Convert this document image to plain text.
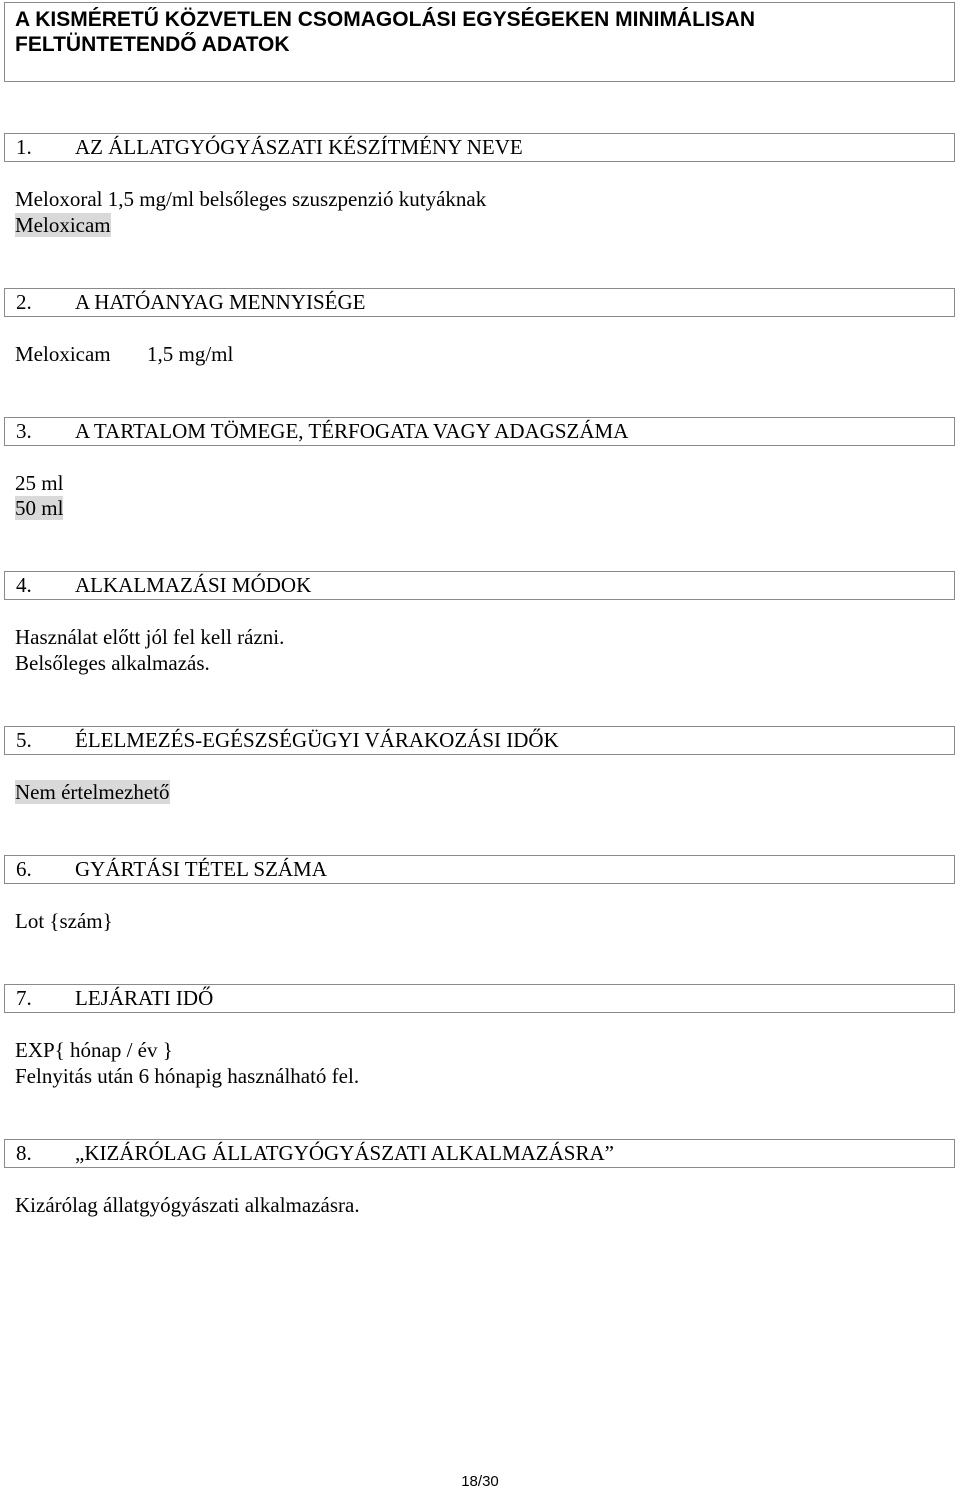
A KISMÉRETŰ KÖZVETLEN CSOMAGOLÁSI EGYSÉGEKEN MINIMÁLISAN
FELTÜNTETENDŐ ADATOK
1. AZ ÁLLATGYÓGYÁSZATI KÉSZÍTMÉNY NEVE
Meloxoral 1,5 mg/ml belsőleges szuszpenzió kutyáknak
Meloxicam
2. A HATÓANYAG MENNYISÉGE
Meloxicam 1,5 mg/ml
3. A TARTALOM TÖMEGE, TÉRFOGATA VAGY ADAGSZÁMA
25 ml
50 ml
4. ALKALMAZÁSI MÓDOK
Használat előtt jól fel kell rázni.
Belsőleges alkalmazás.
5. ÉLELMEZÉS-EGÉSZSÉGÜGYI VÁRAKOZÁSI IDŐK
Nem értelmezhető
6. GYÁRTÁSI TÉTEL SZÁMA
Lot {szám}
7. LEJÁRATI IDŐ
EXP{ hónap / év }
Felnyitás után 6 hónapig használható fel.
8. „KIZÁRÓLAG ÁLLATGYÓGYÁSZATI ALKALMAZÁSRA”
Kizárólag állatgyógyászati alkalmazásra.
18/30
